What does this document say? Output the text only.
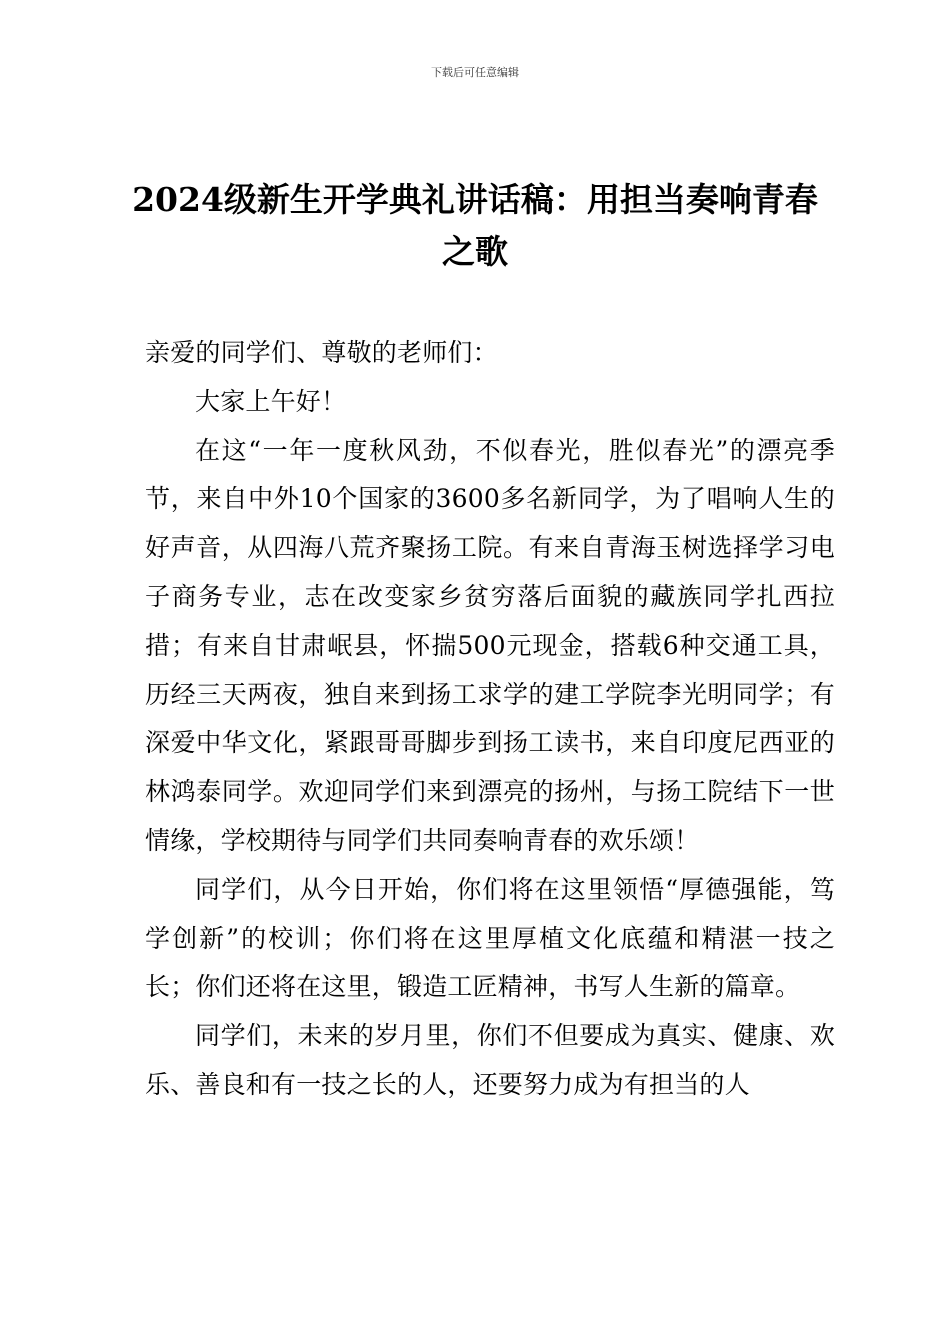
下载后可任意编辑
2024级新生开学典礼讲话稿：用担当奏响青春之歌

亲爱的同学们、尊敬的老师们：

大家上午好！

在这“一年一度秋风劲，不似春光，胜似春光”的漂亮季节，来自中外10个国家的3600多名新同学，为了唱响人生的好声音，从四海八荒齐聚扬工院。有来自青海玉树选择学习电子商务专业，志在改变家乡贫穷落后面貌的藏族同学扎西拉措；有来自甘肃岷县，怀揣500元现金，搭载6种交通工具，历经三天两夜，独自来到扬工求学的建工学院李光明同学；有深爱中华文化，紧跟哥哥脚步到扬工读书，来自印度尼西亚的林鸿泰同学。欢迎同学们来到漂亮的扬州，与扬工院结下一世情缘，学校期待与同学们共同奏响青春的欢乐颂！

同学们，从今日开始，你们将在这里领悟“厚德强能，笃学创新”的校训；你们将在这里厚植文化底蕴和精湛一技之长；你们还将在这里，锻造工匠精神，书写人生新的篇章。

同学们，未来的岁月里，你们不但要成为真实、健康、欢乐、善良和有一技之长的人，还要努力成为有担当的人
